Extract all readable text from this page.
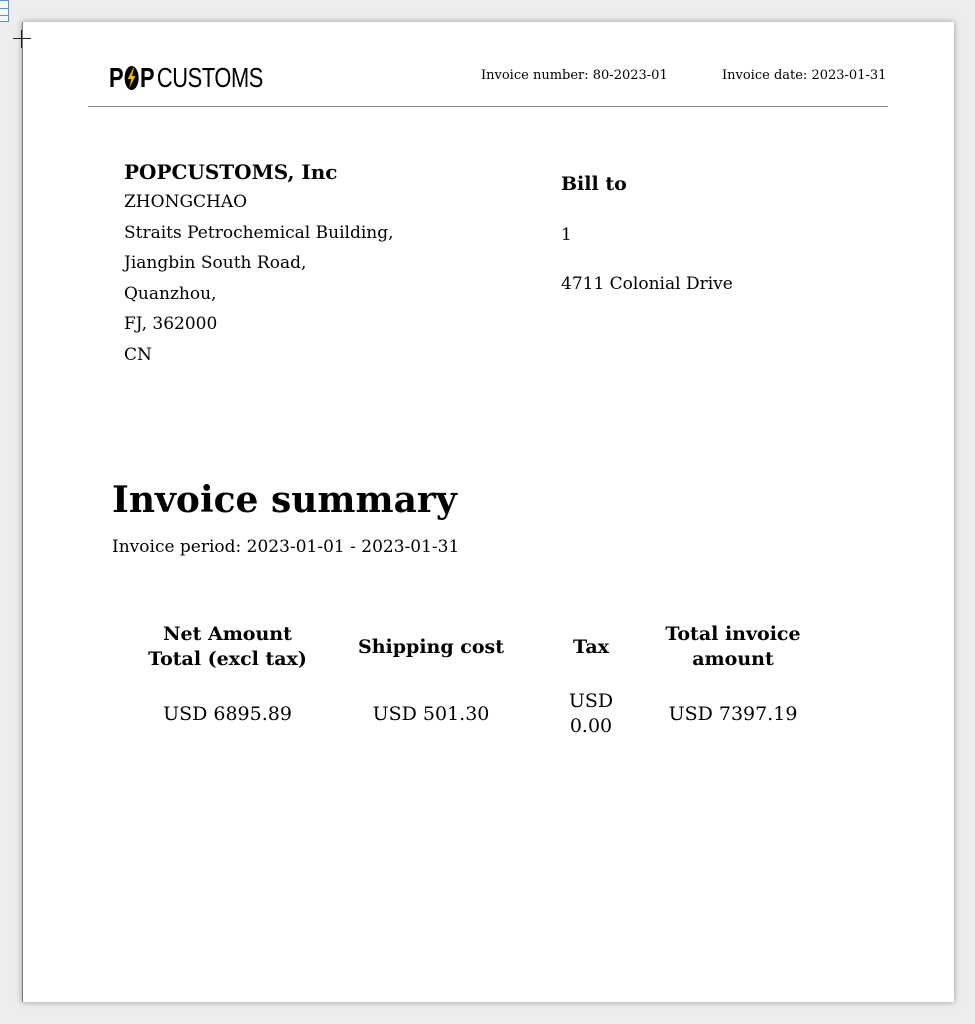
P P CUSTOMS	Invoice number: 80-2023-01	Invoice date: 2023-01-31
POPCUSTOMS, Inc
ZHONGCHAO
Straits Petrochemical Building,
Jiangbin South Road,
Quanzhou,
FJ, 362000
CN
Bill to
1
4711 Colonial Drive
Invoice summary
Invoice period: 2023-01-01 - 2023-01-31
Net Amount Total (excl tax)	Shipping cost	Tax	Total invoice amount
USD 6895.89	USD 501.30	USD 0.00	USD 7397.19
